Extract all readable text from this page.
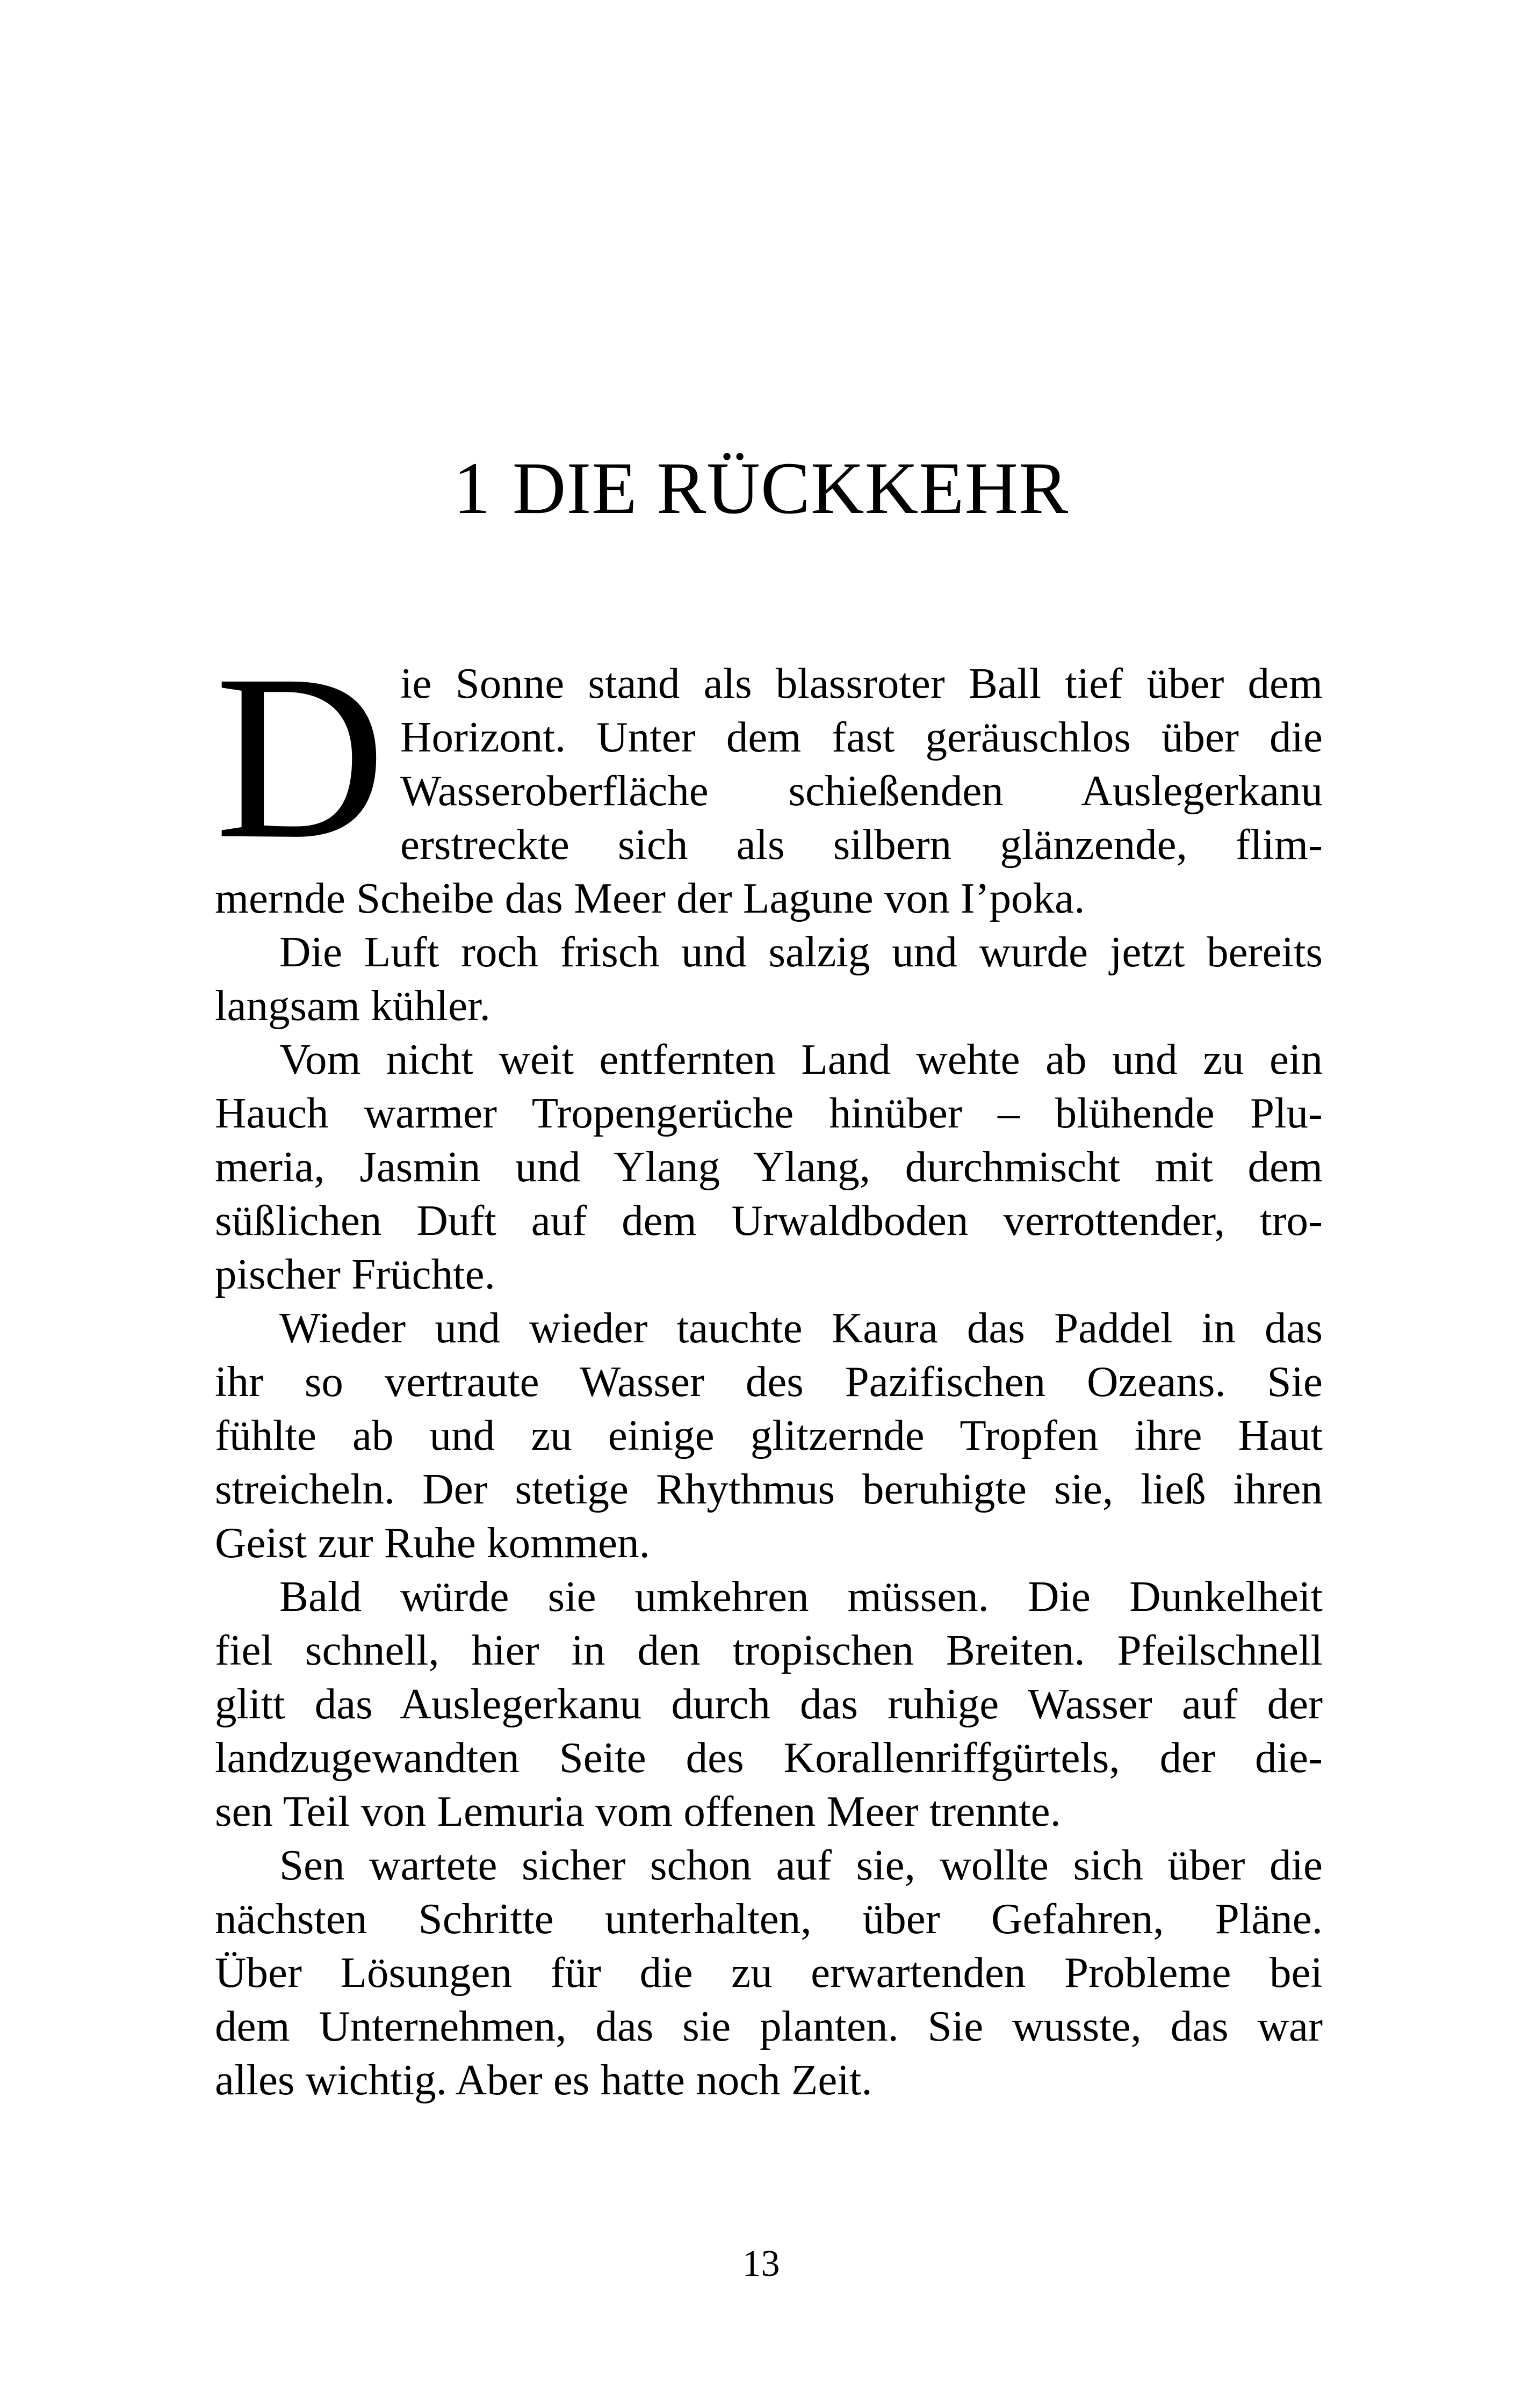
1 DIE RÜCKKEHR
D ie Sonne stand als blassroter Ball tief über dem
Horizont. Unter dem fast geräuschlos über die
Wasseroberfläche schießenden Auslegerkanu
erstreckte sich als silbern glänzende, flim-
mernde Scheibe das Meer der Lagune von I’poka.
Die Luft roch frisch und salzig und wurde jetzt bereits
langsam kühler.
Vom nicht weit entfernten Land wehte ab und zu ein
Hauch warmer Tropengerüche hinüber – blühende Plu-
meria, Jasmin und Ylang Ylang, durchmischt mit dem
süßlichen Duft auf dem Urwaldboden verrottender, tro-
pischer Früchte.
Wieder und wieder tauchte Kaura das Paddel in das
ihr so vertraute Wasser des Pazifischen Ozeans. Sie
fühlte ab und zu einige glitzernde Tropfen ihre Haut
streicheln. Der stetige Rhythmus beruhigte sie, ließ ihren
Geist zur Ruhe kommen.
Bald würde sie umkehren müssen. Die Dunkelheit
fiel schnell, hier in den tropischen Breiten. Pfeilschnell
glitt das Auslegerkanu durch das ruhige Wasser auf der
landzugewandten Seite des Korallenriffgürtels, der die-
sen Teil von Lemuria vom offenen Meer trennte.
Sen wartete sicher schon auf sie, wollte sich über die
nächsten Schritte unterhalten, über Gefahren, Pläne.
Über Lösungen für die zu erwartenden Probleme bei
dem Unternehmen, das sie planten. Sie wusste, das war
alles wichtig. Aber es hatte noch Zeit.
13
